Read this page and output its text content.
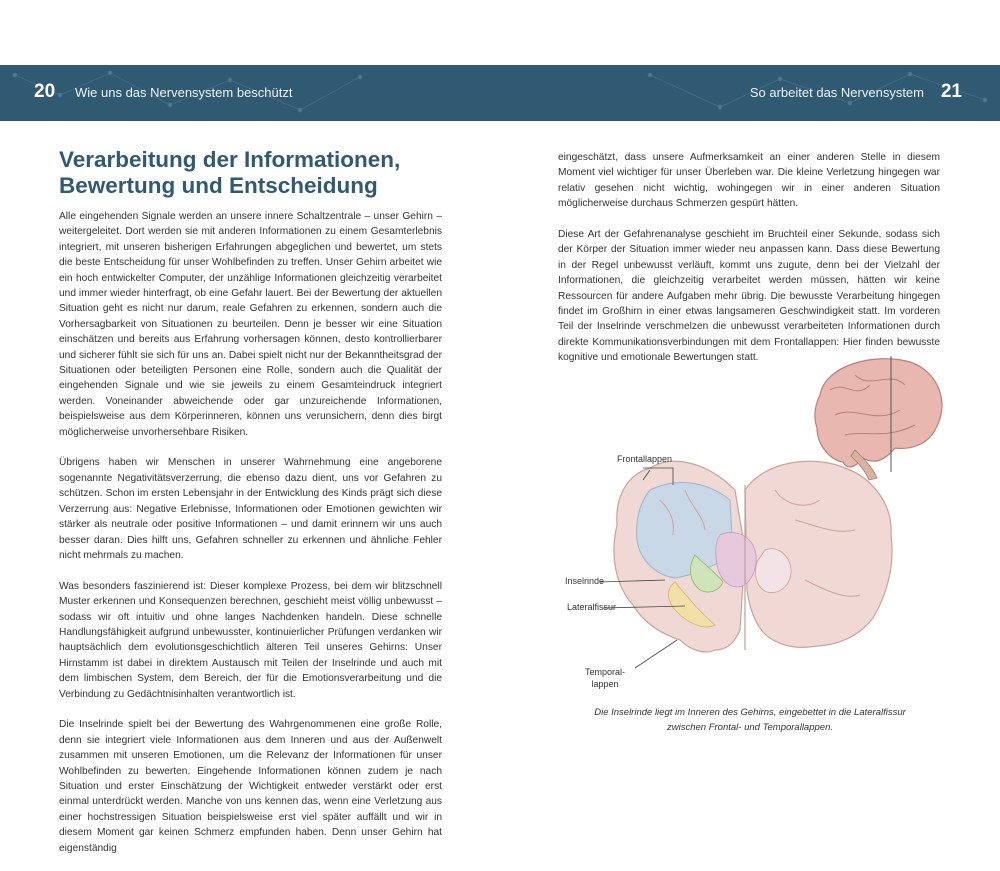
20 Wie uns das Nervensystem beschützt	So arbeitet das Nervensystem 21
Verarbeitung der Informationen,
Bewertung und Entscheidung

Alle eingehenden Signale werden an unsere innere Schaltzentrale – unser Gehirn – weitergeleitet. Dort werden sie mit anderen Informationen zu einem Gesamterlebnis integriert, mit unseren bisherigen Erfahrungen abgeglichen und bewertet, um stets die beste Entscheidung für unser Wohlbefinden zu treffen. Unser Gehirn arbeitet wie ein hoch entwickelter Computer, der unzählige Informationen gleichzeitig verarbeitet und immer wieder hinterfragt, ob eine Gefahr lauert. Bei der Bewertung der aktuellen Situation geht es nicht nur darum, reale Gefahren zu erkennen, sondern auch die Vorhersagbarkeit von Situationen zu beurteilen. Denn je besser wir eine Situation einschätzen und bereits aus Erfahrung vorhersagen können, desto kontrollierbarer und sicherer fühlt sie sich für uns an. Dabei spielt nicht nur der Bekanntheitsgrad der Situationen oder beteiligten Personen eine Rolle, sondern auch die Qualität der eingehenden Signale und wie sie jeweils zu einem Gesamteindruck integriert werden. Voneinander abweichende oder gar unzureichende Informationen, beispielsweise aus dem Körperinneren, können uns verunsichern, denn dies birgt möglicherweise unvorhersehbare Risiken.

Übrigens haben wir Menschen in unserer Wahrnehmung eine angeborene sogenannte Negativitätsverzerrung, die ebenso dazu dient, uns vor Gefahren zu schützen. Schon im ersten Lebensjahr in der Entwicklung des Kinds prägt sich diese Verzerrung aus: Negative Erlebnisse, Informationen oder Emotionen gewichten wir stärker als neutrale oder positive Informationen – und damit erinnern wir uns auch besser daran. Dies hilft uns, Gefahren schneller zu erkennen und ähnliche Fehler nicht mehrmals zu machen.

Was besonders faszinierend ist: Dieser komplexe Prozess, bei dem wir blitzschnell Muster erkennen und Konsequenzen berechnen, geschieht meist völlig unbewusst – sodass wir oft intuitiv und ohne langes Nachdenken handeln. Diese schnelle Handlungsfähigkeit aufgrund unbewusster, kontinuierlicher Prüfungen verdanken wir hauptsächlich dem evolutionsgeschichtlich älteren Teil unseres Gehirns: Unser Hirnstamm ist dabei in direktem Austausch mit Teilen der Inselrinde und auch mit dem limbischen System, dem Bereich, der für die Emotionsverarbeitung und die Verbindung zu Gedächtnisinhalten verantwortlich ist.

Die Inselrinde spielt bei der Bewertung des Wahrgenommenen eine große Rolle, denn sie integriert viele Informationen aus dem Inneren und aus der Außenwelt zusammen mit unseren Emotionen, um die Relevanz der Informationen für unser Wohlbefinden zu bewerten. Eingehende Informationen können zudem je nach Situation und erster Einschätzung der Wichtigkeit entweder verstärkt oder erst einmal unterdrückt werden. Manche von uns kennen das, wenn eine Verletzung aus einer hochstressigen Situation beispielsweise erst viel später auffällt und wir in diesem Moment gar keinen Schmerz empfunden haben. Denn unser Gehirn hat eigenständig

eingeschätzt, dass unsere Aufmerksamkeit an einer anderen Stelle in diesem Moment viel wichtiger für unser Überleben war. Die kleine Verletzung hingegen war relativ gesehen nicht wichtig, wohingegen wir in einer anderen Situation möglicherweise durchaus Schmerzen gespürt hätten.

Diese Art der Gefahrenanalyse geschieht im Bruchteil einer Sekunde, sodass sich der Körper der Situation immer wieder neu anpassen kann. Dass diese Bewertung in der Regel unbewusst verläuft, kommt uns zugute, denn bei der Vielzahl der Informationen, die gleichzeitig verarbeitet werden müssen, hätten wir keine Ressourcen für andere Aufgaben mehr übrig. Die bewusste Verarbeitung hingegen findet im Großhirn in einer etwas langsameren Geschwindigkeit statt. Im vorderen Teil der Inselrinde verschmelzen die unbewusst verarbeiteten Informationen durch direkte Kommunikationsverbindungen mit dem Frontallappen: Hier finden bewusste kognitive und emotionale Bewertungen statt.

Frontallappen
Inselrinde
Lateralfissur
Temporal-
lappen
Die Inselrinde liegt im Inneren des Gehirns, eingebettet in die Lateralfissur
zwischen Frontal- und Temporallappen.
